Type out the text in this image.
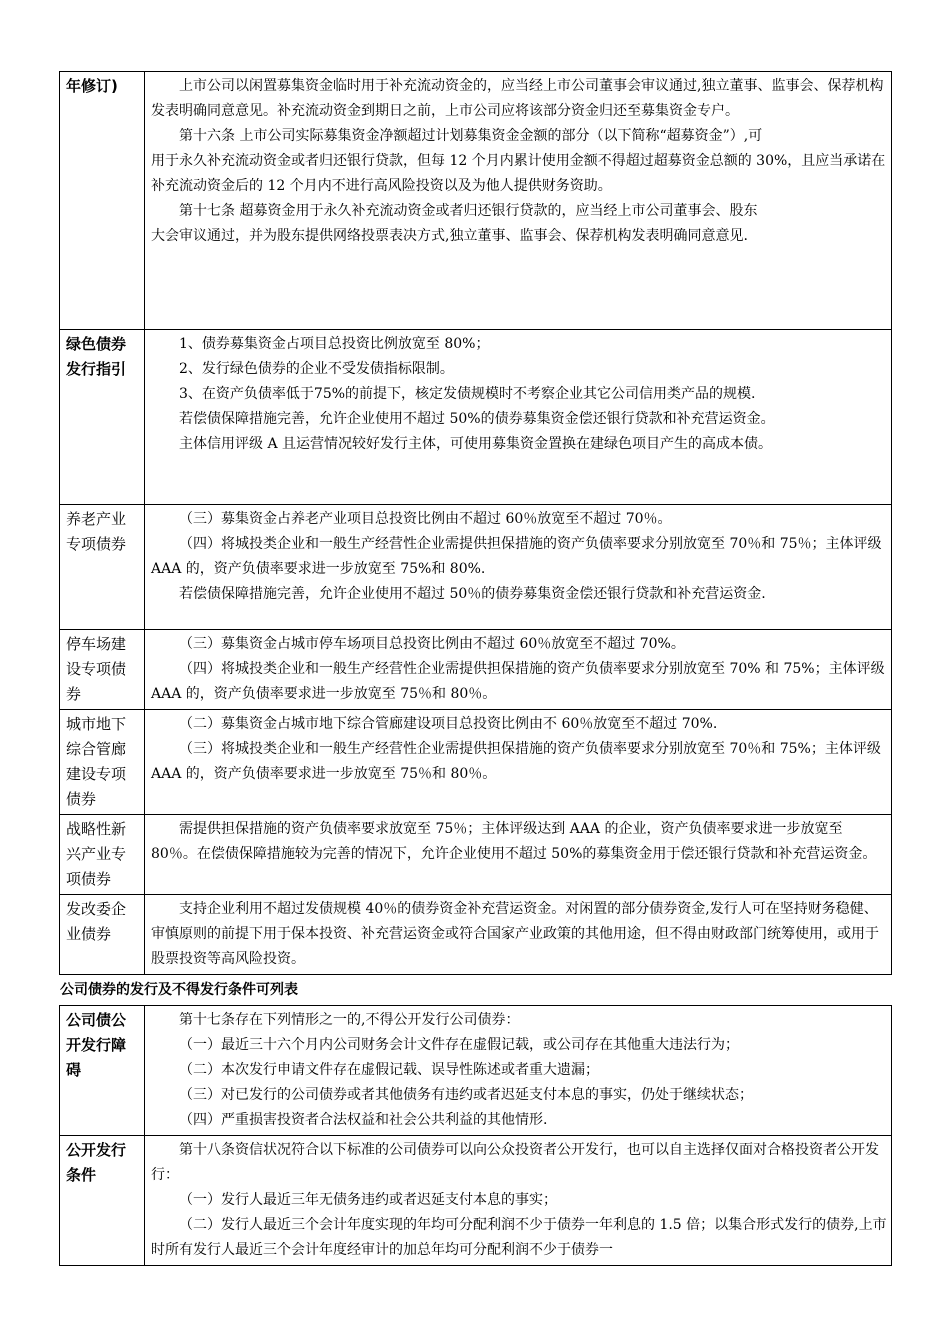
年修订)	上市公司以闲置募集资金临时用于补充流动资金的，应当经上市公司董事会审议通过,独立董事、监事会、保荐机构发表明确同意意见。补充流动资金到期日之前，上市公司应将该部分资金归还至募集资金专户。

第十六条 上市公司实际募集资金净额超过计划募集资金金额的部分（以下简称“超募资金”）,可

用于永久补充流动资金或者归还银行贷款，但每 12 个月内累计使用金额不得超过超募资金总额的 30%，且应当承诺在补充流动资金后的 12 个月内不进行高风险投资以及为他人提供财务资助。

第十七条 超募资金用于永久补充流动资金或者归还银行贷款的，应当经上市公司董事会、股东

大会审议通过，并为股东提供网络投票表决方式,独立董事、监事会、保荐机构发表明确同意意见.

绿色债券发行指引	1、债券募集资金占项目总投资比例放宽至 80%；

2、发行绿色债券的企业不受发债指标限制。

3、在资产负债率低于75%的前提下，核定发债规模时不考察企业其它公司信用类产品的规模.

若偿债保障措施完善，允许企业使用不超过 50%的债券募集资金偿还银行贷款和补充营运资金。

主体信用评级 A 且运营情况较好发行主体，可使用募集资金置换在建绿色项目产生的高成本债。

养老产业专项债券	（三）募集资金占养老产业项目总投资比例由不超过 60％放宽至不超过 70％。

（四）将城投类企业和一般生产经营性企业需提供担保措施的资产负债率要求分别放宽至 70％和 75％；主体评级 AAA 的，资产负债率要求进一步放宽至 75%和 80%.

若偿债保障措施完善，允许企业使用不超过 50％的债券募集资金偿还银行贷款和补充营运资金.

停车场建设专项债券	（三）募集资金占城市停车场项目总投资比例由不超过 60％放宽至不超过 70%。

（四）将城投类企业和一般生产经营性企业需提供担保措施的资产负债率要求分别放宽至 70% 和 75%；主体评级 AAA 的，资产负债率要求进一步放宽至 75％和 80％。

城市地下综合管廊建设专项债券	（二）募集资金占城市地下综合管廊建设项目总投资比例由不 60％放宽至不超过 70%.

（三）将城投类企业和一般生产经营性企业需提供担保措施的资产负债率要求分别放宽至 70％和 75%；主体评级 AAA 的，资产负债率要求进一步放宽至 75％和 80％。

战略性新兴产业专项债券	需提供担保措施的资产负债率要求放宽至 75％；主体评级达到 AAA 的企业，资产负债率要求进一步放宽至 80％。在偿债保障措施较为完善的情况下，允许企业使用不超过 50%的募集资金用于偿还银行贷款和补充营运资金。

发改委企业债券	支持企业利用不超过发债规模 40％的债券资金补充营运资金。对闲置的部分债券资金,发行人可在坚持财务稳健、审慎原则的前提下用于保本投资、补充营运资金或符合国家产业政策的其他用途，但不得由财政部门统筹使用，或用于股票投资等高风险投资。

公司债券的发行及不得发行条件可列表
公司债公开发行障碍	第十七条存在下列情形之一的,不得公开发行公司债券：

（一）最近三十六个月内公司财务会计文件存在虚假记载，或公司存在其他重大违法行为；

（二）本次发行申请文件存在虚假记载、误导性陈述或者重大遗漏；

（三）对已发行的公司债券或者其他债务有违约或者迟延支付本息的事实，仍处于继续状态；

（四）严重损害投资者合法权益和社会公共利益的其他情形.

公开发行条件	第十八条资信状况符合以下标准的公司债券可以向公众投资者公开发行，也可以自主选择仅面对合格投资者公开发行：

（一）发行人最近三年无债务违约或者迟延支付本息的事实；

（二）发行人最近三个会计年度实现的年均可分配利润不少于债券一年利息的 1.5 倍；以集合形式发行的债券,上市时所有发行人最近三个会计年度经审计的加总年均可分配利润不少于债券一
